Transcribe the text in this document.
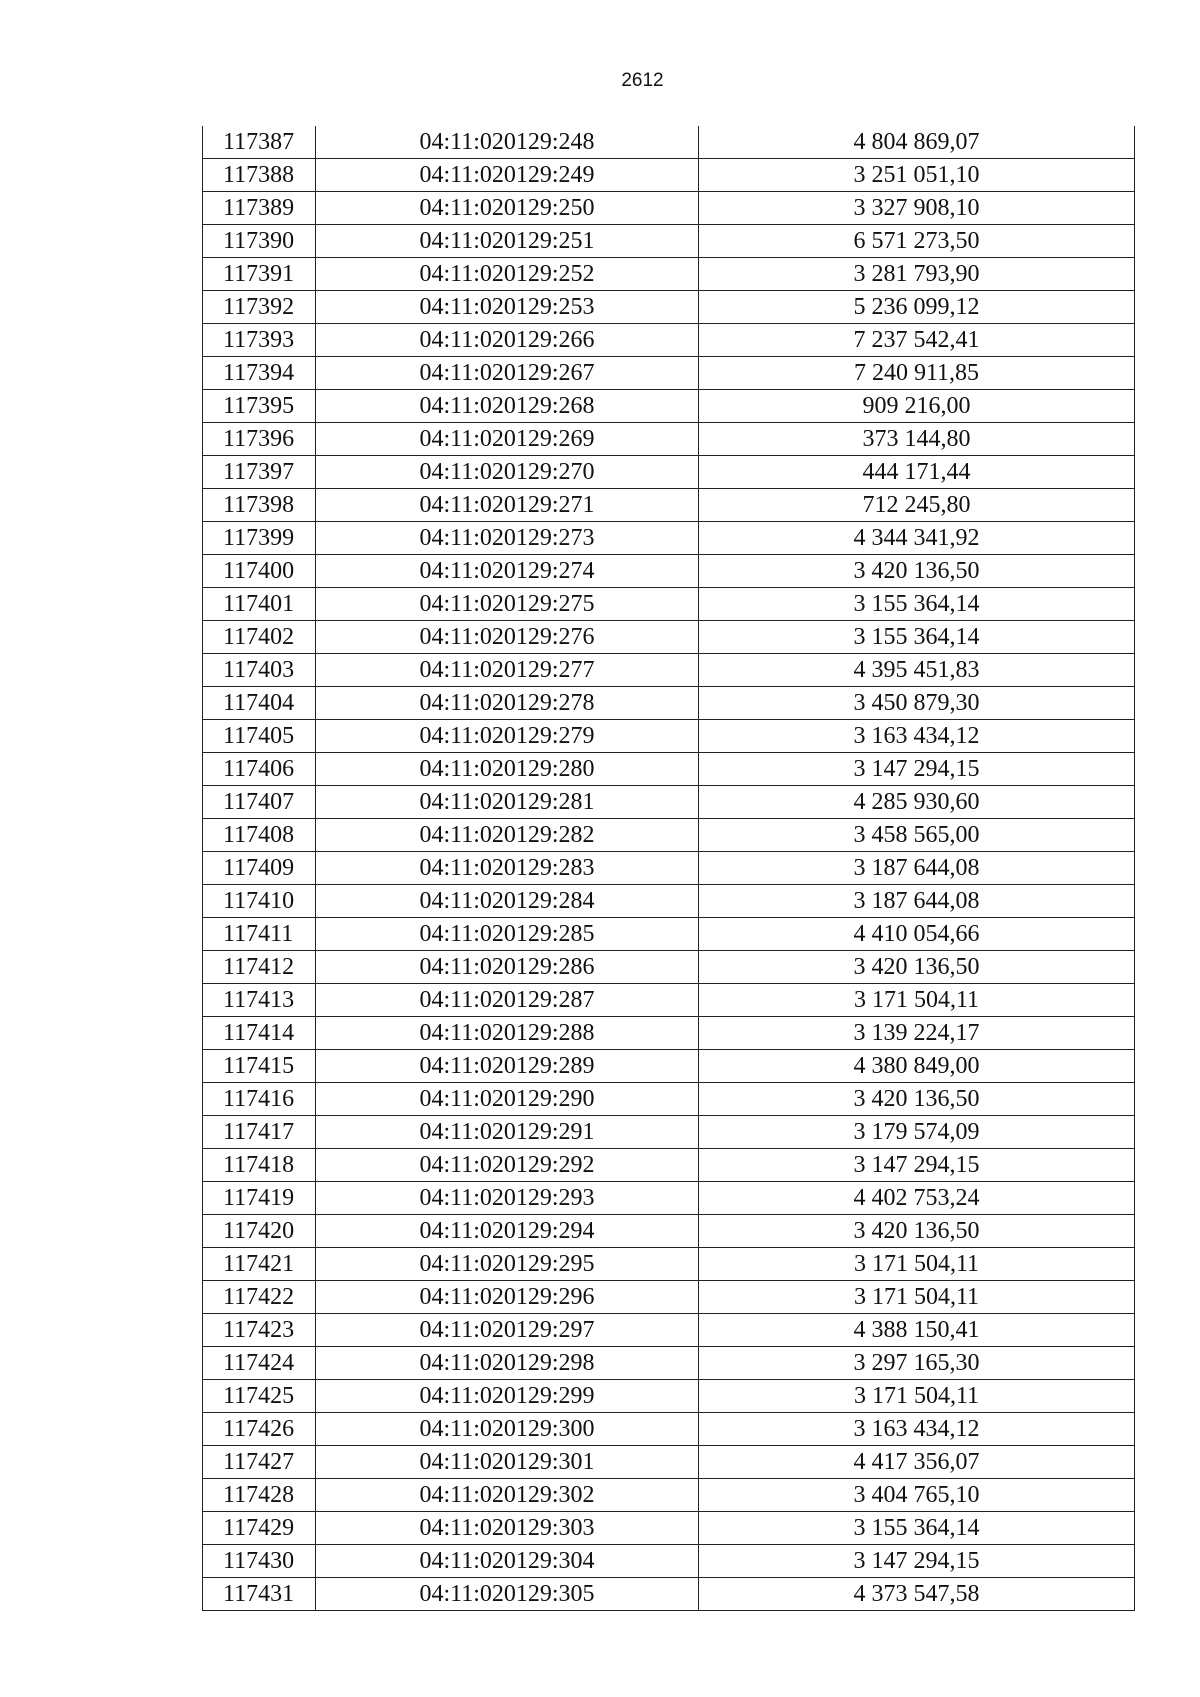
2612
117387	04:11:020129:248	4 804 869,07
117388	04:11:020129:249	3 251 051,10
117389	04:11:020129:250	3 327 908,10
117390	04:11:020129:251	6 571 273,50
117391	04:11:020129:252	3 281 793,90
117392	04:11:020129:253	5 236 099,12
117393	04:11:020129:266	7 237 542,41
117394	04:11:020129:267	7 240 911,85
117395	04:11:020129:268	909 216,00
117396	04:11:020129:269	373 144,80
117397	04:11:020129:270	444 171,44
117398	04:11:020129:271	712 245,80
117399	04:11:020129:273	4 344 341,92
117400	04:11:020129:274	3 420 136,50
117401	04:11:020129:275	3 155 364,14
117402	04:11:020129:276	3 155 364,14
117403	04:11:020129:277	4 395 451,83
117404	04:11:020129:278	3 450 879,30
117405	04:11:020129:279	3 163 434,12
117406	04:11:020129:280	3 147 294,15
117407	04:11:020129:281	4 285 930,60
117408	04:11:020129:282	3 458 565,00
117409	04:11:020129:283	3 187 644,08
117410	04:11:020129:284	3 187 644,08
117411	04:11:020129:285	4 410 054,66
117412	04:11:020129:286	3 420 136,50
117413	04:11:020129:287	3 171 504,11
117414	04:11:020129:288	3 139 224,17
117415	04:11:020129:289	4 380 849,00
117416	04:11:020129:290	3 420 136,50
117417	04:11:020129:291	3 179 574,09
117418	04:11:020129:292	3 147 294,15
117419	04:11:020129:293	4 402 753,24
117420	04:11:020129:294	3 420 136,50
117421	04:11:020129:295	3 171 504,11
117422	04:11:020129:296	3 171 504,11
117423	04:11:020129:297	4 388 150,41
117424	04:11:020129:298	3 297 165,30
117425	04:11:020129:299	3 171 504,11
117426	04:11:020129:300	3 163 434,12
117427	04:11:020129:301	4 417 356,07
117428	04:11:020129:302	3 404 765,10
117429	04:11:020129:303	3 155 364,14
117430	04:11:020129:304	3 147 294,15
117431	04:11:020129:305	4 373 547,58
